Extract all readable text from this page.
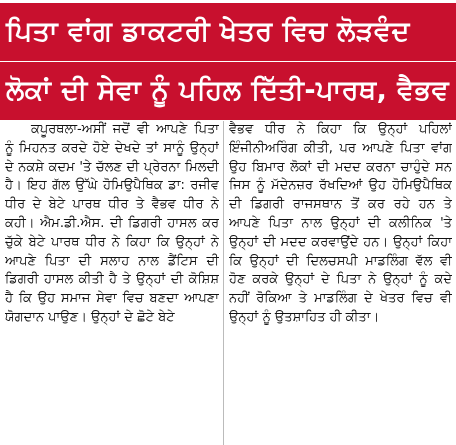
ਪਿਤਾ ਵਾਂਗ ਡਾਕਟਰੀ ਖੇਤਰ ਵਿਚ ਲੋੜਵੰਦ
ਲੋਕਾਂ ਦੀ ਸੇਵਾ ਨੂੰ ਪਹਿਲ ਦਿੱਤੀ-ਪਾਰਥ, ਵੈਭਵ

ਕਪੂਰਥਲਾ-ਅਸੀਂ ਜਦੋਂ ਵੀ ਆਪਣੇ ਪਿਤਾ ਨੂੰ ਮਿਹਨਤ ਕਰਦੇ ਹੋਏ ਦੇਖਦੇ ਤਾਂ ਸਾਨੂੰ ਉਨ੍ਹਾਂ ਦੇ ਨਕਸ਼ੇ ਕਦਮ 'ਤੇ ਚੱਲਣ ਦੀ ਪ੍ਰੇਰਨਾ ਮਿਲਦੀ ਹੈ। ਇਹ ਗੱਲ ਉੱਘੇ ਹੋਮਿਉਪੈਥਿਕ ਡਾ: ਰਜੀਵ ਧੀਰ ਦੇ ਬੇਟੇ ਪਾਰਥ ਧੀਰ ਤੇ ਵੈਭਵ ਧੀਰ ਨੇ ਕਹੀ। ਐਮ.ਡੀ.ਐਸ. ਦੀ ਡਿਗਰੀ ਹਾਸਲ ਕਰ ਚੁੱਕੇ ਬੇਟੇ ਪਾਰਥ ਧੀਰ ਨੇ ਕਿਹਾ ਕਿ ਉਨ੍ਹਾਂ ਨੇ ਆਪਣੇ ਪਿਤਾ ਦੀ ਸਲਾਹ ਨਾਲ ਡੈਂਟਿਸ ਦੀ ਡਿਗਰੀ ਹਾਸਲ ਕੀਤੀ ਹੈ ਤੇ ਉਨ੍ਹਾਂ ਦੀ ਕੋਸ਼ਿਸ਼ ਹੈ ਕਿ ਉਹ ਸਮਾਜ ਸੇਵਾ ਵਿਚ ਬਣਦਾ ਆਪਣਾ ਯੋਗਦਾਨ ਪਾਉਣ। ਉਨ੍ਹਾਂ ਦੇ ਛੋਟੇ ਬੇਟੇ

ਵੈਭਵ ਧੀਰ ਨੇ ਕਿਹਾ ਕਿ ਉਨ੍ਹਾਂ ਪਹਿਲਾਂ ਇੰਜੀਨੀਅਰਿੰਗ ਕੀਤੀ, ਪਰ ਆਪਣੇ ਪਿਤਾ ਵਾਂਗ ਉਹ ਬਿਮਾਰ ਲੋਕਾਂ ਦੀ ਮਦਦ ਕਰਨਾ ਚਾਹੁੰਦੇ ਸਨ ਜਿਸ ਨੂੰ ਮੱਦੇਨਜ਼ਰ ਰੱਖਦਿਆਂ ਉਹ ਹੋਮਿਉਪੈਥਿਕ ਦੀ ਡਿਗਰੀ ਰਾਜਸਥਾਨ ਤੋਂ ਕਰ ਰਹੇ ਹਨ ਤੇ ਆਪਣੇ ਪਿਤਾ ਨਾਲ ਉਨ੍ਹਾਂ ਦੀ ਕਲੀਨਿਕ 'ਤੇ ਉਨ੍ਹਾਂ ਦੀ ਮਦਦ ਕਰਵਾਉਂਦੇ ਹਨ। ਉਨ੍ਹਾਂ ਕਿਹਾ ਕਿ ਉਨ੍ਹਾਂ ਦੀ ਦਿਲਚਸਪੀ ਮਾਡਲਿੰਗ ਵੱਲ ਵੀ ਹੋਣ ਕਰਕੇ ਉਨ੍ਹਾਂ ਦੇ ਪਿਤਾ ਨੇ ਉਨ੍ਹਾਂ ਨੂੰ ਕਦੇ ਨਹੀਂ ਰੋਕਿਆ ਤੇ ਮਾਡਲਿੰਗ ਦੇ ਖੇਤਰ ਵਿਚ ਵੀ ਉਨ੍ਹਾਂ ਨੂੰ ਉਤਸ਼ਾਹਿਤ ਹੀ ਕੀਤਾ।
